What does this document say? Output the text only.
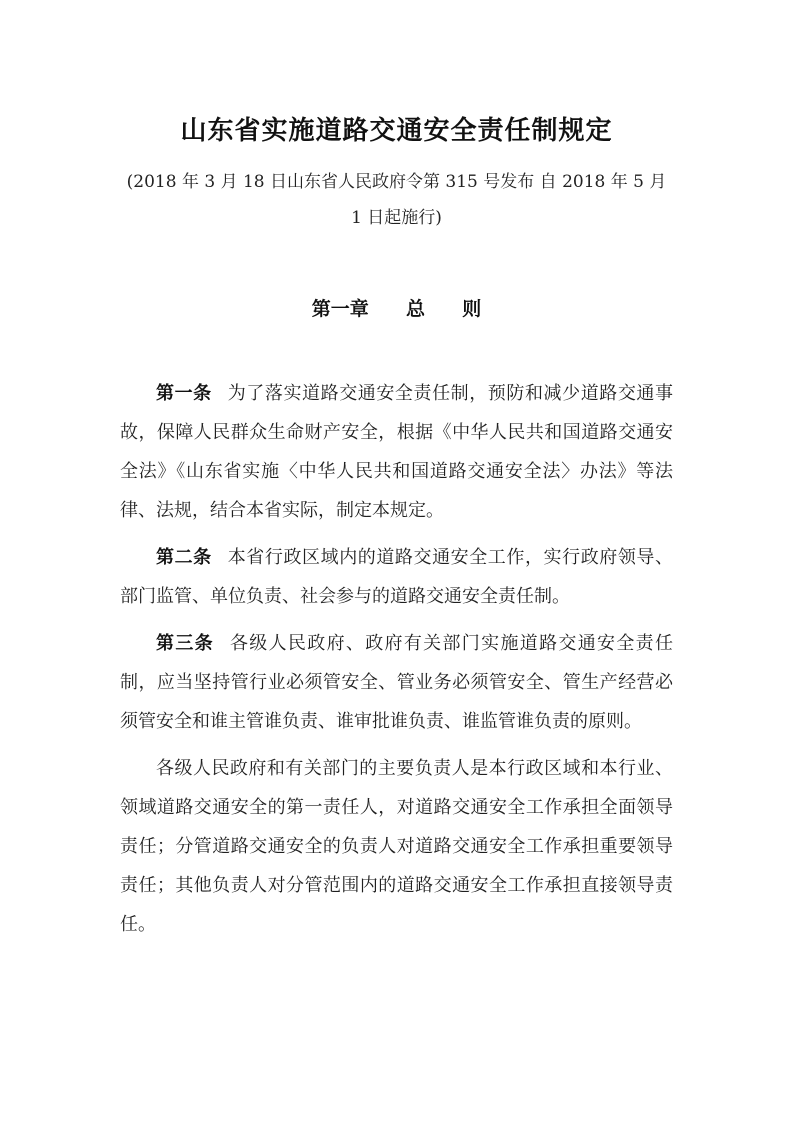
山东省实施道路交通安全责任制规定
(2018 年 3 月 18 日山东省人民政府令第 315 号发布 自 2018 年 5 月 1 日起施行)
第一章 总 则

第一条 为了落实道路交通安全责任制，预防和减少道路交通事故，保障人民群众生命财产安全，根据《中华人民共和国道路交通安全法》《山东省实施〈中华人民共和国道路交通安全法〉办法》等法律、法规，结合本省实际，制定本规定。

第二条 本省行政区域内的道路交通安全工作，实行政府领导、部门监管、单位负责、社会参与的道路交通安全责任制。

第三条 各级人民政府、政府有关部门实施道路交通安全责任制，应当坚持管行业必须管安全、管业务必须管安全、管生产经营必须管安全和谁主管谁负责、谁审批谁负责、谁监管谁负责的原则。

各级人民政府和有关部门的主要负责人是本行政区域和本行业、领域道路交通安全的第一责任人，对道路交通安全工作承担全面领导责任；分管道路交通安全的负责人对道路交通安全工作承担重要领导责任；其他负责人对分管范围内的道路交通安全工作承担直接领导责任。
